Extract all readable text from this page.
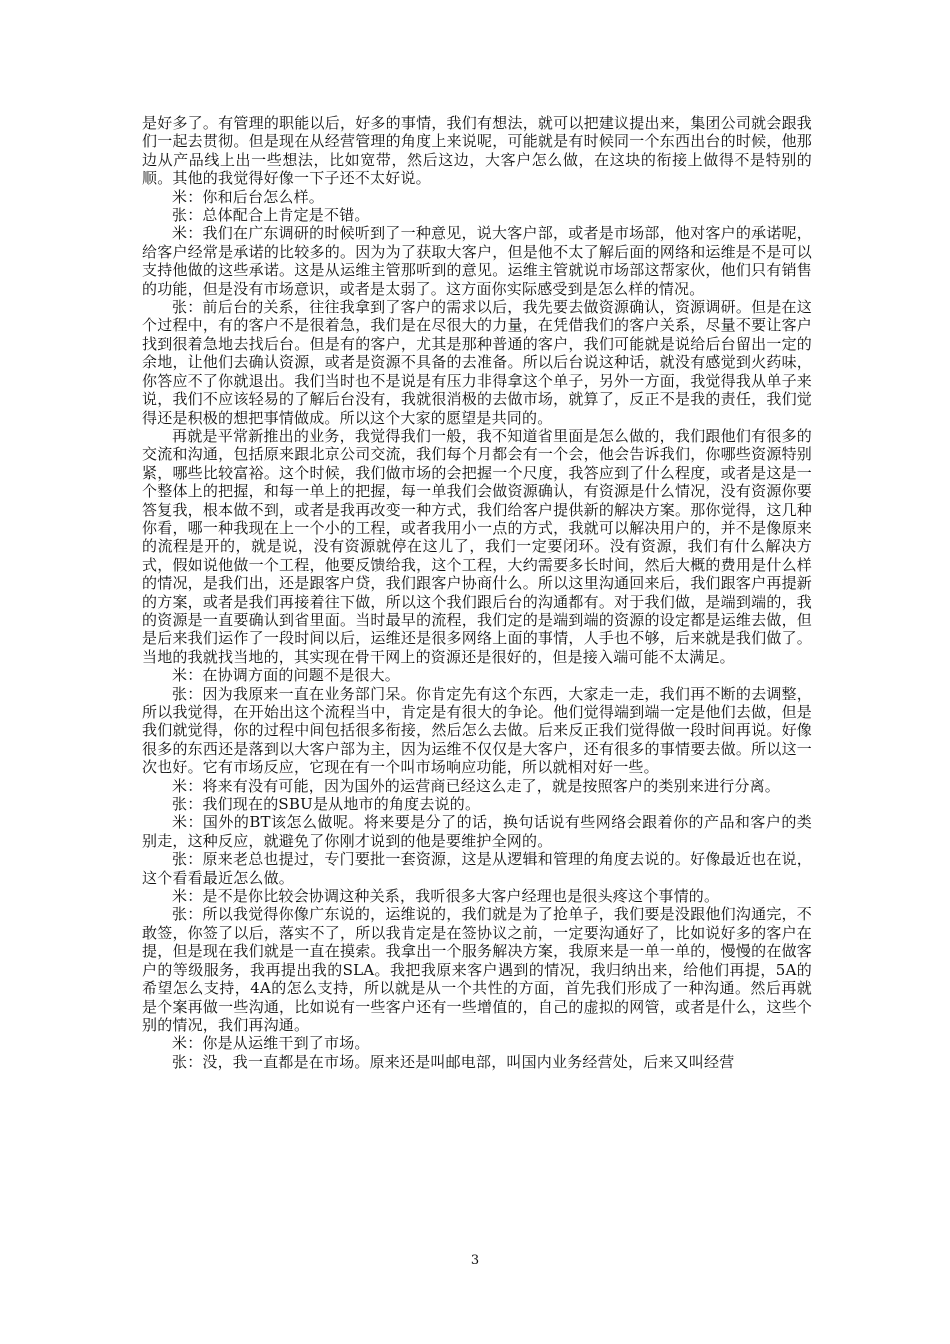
是好多了。有管理的职能以后，好多的事情，我们有想法，就可以把建议提出来，集团公司就会跟我们一起去贯彻。但是现在从经营管理的角度上来说呢，可能就是有时候同一个东西出台的时候，他那边从产品线上出一些想法，比如宽带，然后这边，大客户怎么做，在这块的衔接上做得不是特别的顺。其他的我觉得好像一下子还不太好说。

米：你和后台怎么样。

张：总体配合上肯定是不错。

米：我们在广东调研的时候听到了一种意见，说大客户部，或者是市场部，他对客户的承诺呢，给客户经常是承诺的比较多的。因为为了获取大客户，但是他不太了解后面的网络和运维是不是可以支持他做的这些承诺。这是从运维主管那听到的意见。运维主管就说市场部这帮家伙，他们只有销售的功能，但是没有市场意识，或者是太弱了。这方面你实际感受到是怎么样的情况。

张：前后台的关系，往往我拿到了客户的需求以后，我先要去做资源确认，资源调研。但是在这个过程中，有的客户不是很着急，我们是在尽很大的力量，在凭借我们的客户关系，尽量不要让客户找到很着急地去找后台。但是有的客户，尤其是那种普通的客户，我们可能就是说给后台留出一定的余地，让他们去确认资源，或者是资源不具备的去准备。所以后台说这种话，就没有感觉到火药味，你答应不了你就退出。我们当时也不是说是有压力非得拿这个单子，另外一方面，我觉得我从单子来说，我们不应该轻易的了解后台没有，我就很消极的去做市场，就算了，反正不是我的责任，我们觉得还是积极的想把事情做成。所以这个大家的愿望是共同的。

再就是平常新推出的业务，我觉得我们一般，我不知道省里面是怎么做的，我们跟他们有很多的交流和沟通，包括原来跟北京公司交流，我们每个月都会有一个会，他会告诉我们，你哪些资源特别紧，哪些比较富裕。这个时候，我们做市场的会把握一个尺度，我答应到了什么程度，或者是这是一个整体上的把握，和每一单上的把握，每一单我们会做资源确认，有资源是什么情况，没有资源你要答复我，根本做不到，或者是我再改变一种方式，我们给客户提供新的解决方案。那你觉得，这几种你看，哪一种我现在上一个小的工程，或者我用小一点的方式，我就可以解决用户的，并不是像原来的流程是开的，就是说，没有资源就停在这儿了，我们一定要闭环。没有资源，我们有什么解决方式，假如说他做一个工程，他要反馈给我，这个工程，大约需要多长时间，然后大概的费用是什么样的情况，是我们出，还是跟客户贷，我们跟客户协商什么。所以这里沟通回来后，我们跟客户再提新的方案，或者是我们再接着往下做，所以这个我们跟后台的沟通都有。对于我们做，是端到端的，我的资源是一直要确认到省里面。当时最早的流程，我们定的是端到端的资源的设定都是运维去做，但是后来我们运作了一段时间以后，运维还是很多网络上面的事情，人手也不够，后来就是我们做了。当地的我就找当地的，其实现在骨干网上的资源还是很好的，但是接入端可能不太满足。

米：在协调方面的问题不是很大。

张：因为我原来一直在业务部门呆。你肯定先有这个东西，大家走一走，我们再不断的去调整，所以我觉得，在开始出这个流程当中，肯定是有很大的争论。他们觉得端到端一定是他们去做，但是我们就觉得，你的过程中间包括很多衔接，然后怎么去做。后来反正我们觉得做一段时间再说。好像很多的东西还是落到以大客户部为主，因为运维不仅仅是大客户，还有很多的事情要去做。所以这一次也好。它有市场反应，它现在有一个叫市场响应功能，所以就相对好一些。

米：将来有没有可能，因为国外的运营商已经这么走了，就是按照客户的类别来进行分离。

张：我们现在的SBU是从地市的角度去说的。

米：国外的BT该怎么做呢。将来要是分了的话，换句话说有些网络会跟着你的产品和客户的类别走，这种反应，就避免了你刚才说到的他是要维护全网的。

张：原来老总也提过，专门要批一套资源，这是从逻辑和管理的角度去说的。好像最近也在说，这个看看最近怎么做。

米：是不是你比较会协调这种关系，我听很多大客户经理也是很头疼这个事情的。

张：所以我觉得你像广东说的，运维说的，我们就是为了抢单子，我们要是没跟他们沟通完，不敢签，你签了以后，落实不了，所以我肯定是在签协议之前，一定要沟通好了，比如说好多的客户在提，但是现在我们就是一直在摸索。我拿出一个服务解决方案，我原来是一单一单的，慢慢的在做客户的等级服务，我再提出我的SLA。我把我原来客户遇到的情况，我归纳出来，给他们再提，5A的希望怎么支持，4A的怎么支持，所以就是从一个共性的方面，首先我们形成了一种沟通。然后再就是个案再做一些沟通，比如说有一些客户还有一些增值的，自己的虚拟的网管，或者是什么，这些个别的情况，我们再沟通。

米：你是从运维干到了市场。

张：没，我一直都是在市场。原来还是叫邮电部，叫国内业务经营处，后来又叫经营

3
